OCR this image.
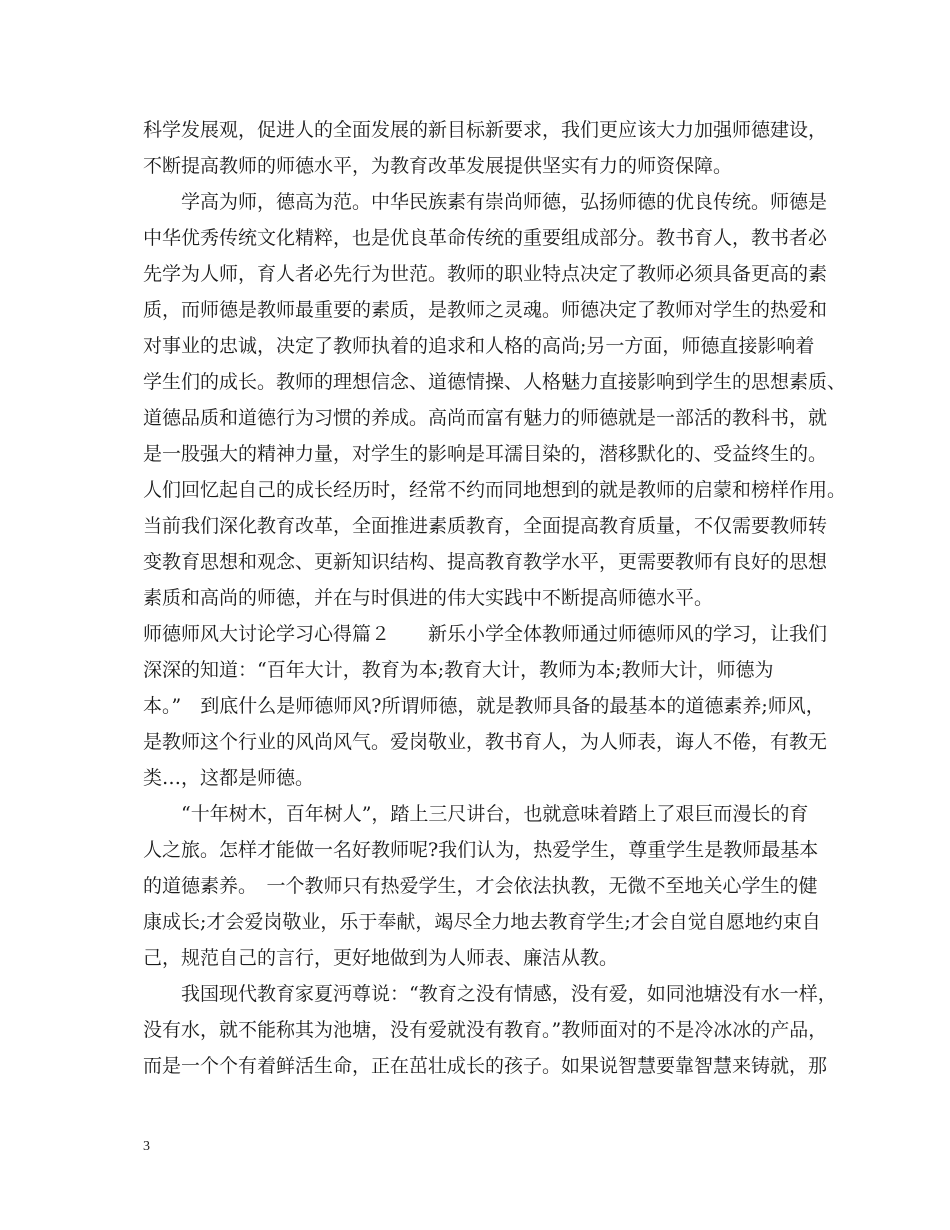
科学发展观，促进人的全面发展的新目标新要求，我们更应该大力加强师德建设，
不断提高教师的师德水平，为教育改革发展提供坚实有力的师资保障。
　　学高为师，德高为范。中华民族素有崇尚师德，弘扬师德的优良传统。师德是
中华优秀传统文化精粹，也是优良革命传统的重要组成部分。教书育人，教书者必
先学为人师，育人者必先行为世范。教师的职业特点决定了教师必须具备更高的素
质，而师德是教师最重要的素质，是教师之灵魂。师德决定了教师对学生的热爱和
对事业的忠诚，决定了教师执着的追求和人格的高尚;另一方面，师德直接影响着
学生们的成长。教师的理想信念、道德情操、人格魅力直接影响到学生的思想素质、
道德品质和道德行为习惯的养成。高尚而富有魅力的师德就是一部活的教科书，就
是一股强大的精神力量，对学生的影响是耳濡目染的，潜移默化的、受益终生的。
人们回忆起自己的成长经历时，经常不约而同地想到的就是教师的启蒙和榜样作用。
当前我们深化教育改革，全面推进素质教育，全面提高教育质量，不仅需要教师转
变教育思想和观念、更新知识结构、提高教育教学水平，更需要教师有良好的思想
素质和高尚的师德，并在与时俱进的伟大实践中不断提高师德水平。
师德师风大讨论学习心得篇２　　新乐小学全体教师通过师德师风的学习，让我们
深深的知道：“百年大计，教育为本;教育大计，教师为本;教师大计，师德为
本。”　到底什么是师德师风?所谓师德，就是教师具备的最基本的道德素养;师风，
是教师这个行业的风尚风气。爱岗敬业，教书育人，为人师表，诲人不倦，有教无
类…，这都是师德。
　　“十年树木，百年树人”，踏上三尺讲台，也就意味着踏上了艰巨而漫长的育
人之旅。怎样才能做一名好教师呢?我们认为，热爱学生，尊重学生是教师最基本
的道德素养。　一个教师只有热爱学生，才会依法执教，无微不至地关心学生的健
康成长;才会爱岗敬业，乐于奉献，竭尽全力地去教育学生;才会自觉自愿地约束自
己，规范自己的言行，更好地做到为人师表、廉洁从教。
　　我国现代教育家夏沔尊说：“教育之没有情感，没有爱，如同池塘没有水一样，
没有水，就不能称其为池塘，没有爱就没有教育。”教师面对的不是冷冰冰的产品，
而是一个个有着鲜活生命，正在茁壮成长的孩子。如果说智慧要靠智慧来铸就，那
3
